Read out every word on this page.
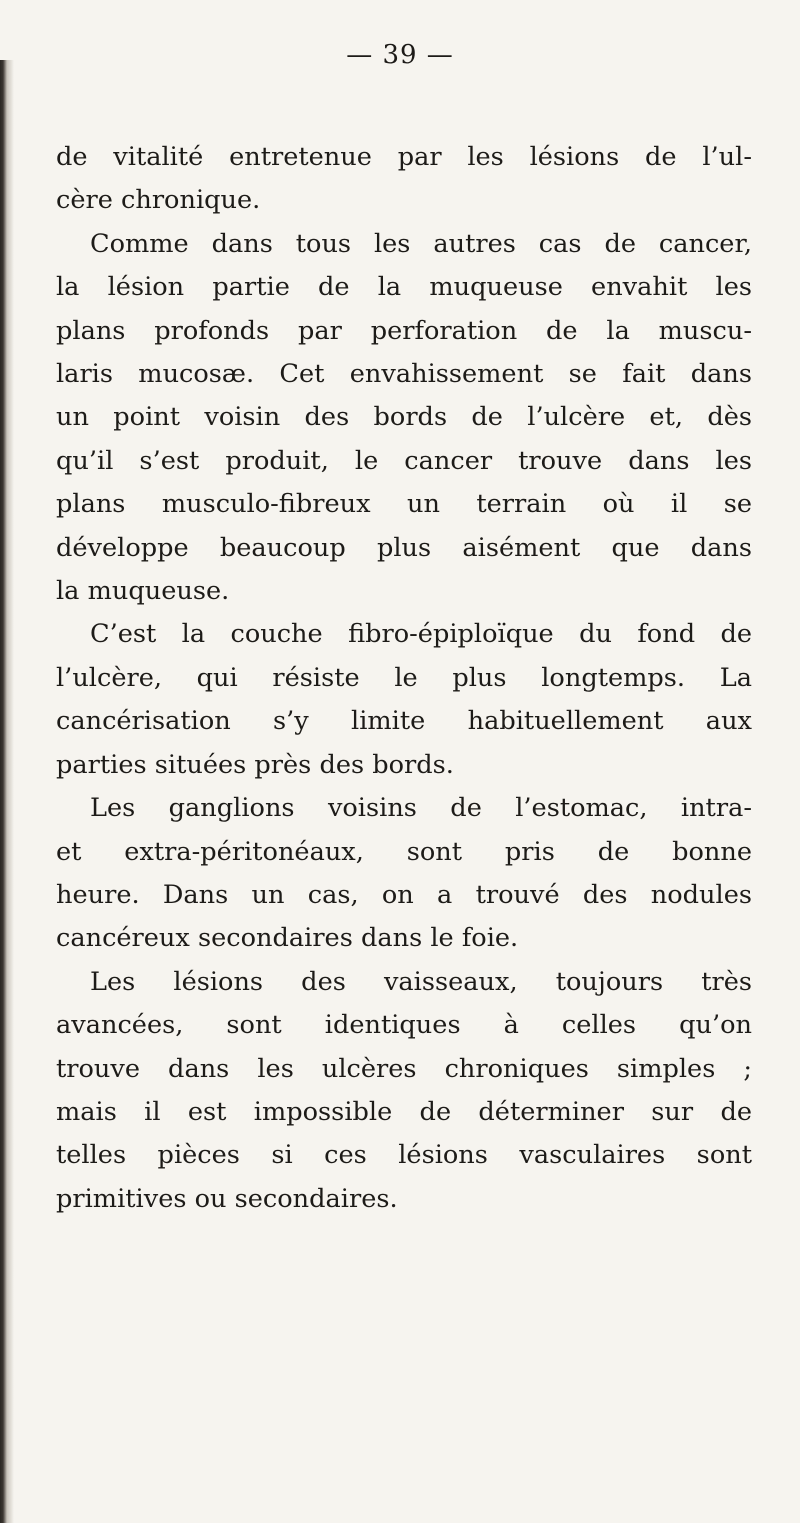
— 39 —
de vitalité entretenue par les lésions de l’ul-
cère chronique.
Comme dans tous les autres cas de cancer,
la lésion partie de la muqueuse envahit les
plans profonds par perforation de la muscu-
laris mucosæ. Cet envahissement se fait dans
un point voisin des bords de l’ulcère et, dès
qu’il s’est produit, le cancer trouve dans les
plans musculo-fibreux un terrain où il se
développe beaucoup plus aisément que dans
la muqueuse.
C’est la couche fibro-épiploïque du fond de
l’ulcère, qui résiste le plus longtemps. La
cancérisation s’y limite habituellement aux
parties situées près des bords.
Les ganglions voisins de l’estomac, intra-
et extra-péritonéaux, sont pris de bonne
heure. Dans un cas, on a trouvé des nodules
cancéreux secondaires dans le foie.
Les lésions des vaisseaux, toujours très
avancées, sont identiques à celles qu’on
trouve dans les ulcères chroniques simples ;
mais il est impossible de déterminer sur de
telles pièces si ces lésions vasculaires sont
primitives ou secondaires.
